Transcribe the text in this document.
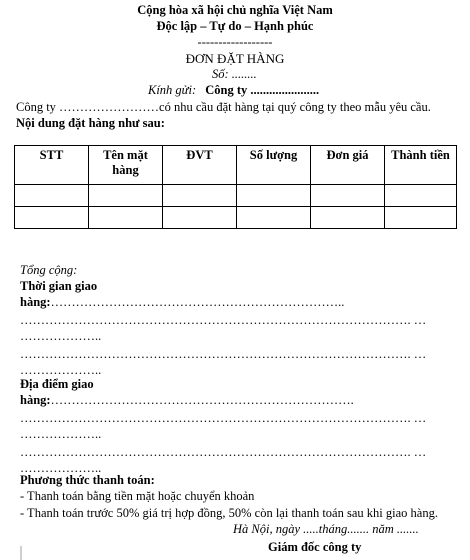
Cộng hòa xã hội chủ nghĩa Việt Nam
Độc lập – Tự do – Hạnh phúc
------------------
ĐƠN ĐẶT HÀNG
Số: ........
Kính gửi: Công ty ......................
Công ty ……………………có nhu cầu đặt hàng tại quý công ty theo mẫu yêu cầu.
Nội dung đặt hàng như sau:
STT	Tên mặt hàng	ĐVT	Số lượng	Đơn giá	Thành tiền

Tổng cộng:
Thời gian giao
hàng:……………………………………………………………..
…………………………………………………………………………………. …
………………..
…………………………………………………………………………………. …
………………..
Địa điểm giao
hàng:……………………………………………………………….
…………………………………………………………………………………. …
………………..
…………………………………………………………………………………. …
………………..
Phương thức thanh toán:
- Thanh toán bằng tiền mặt hoặc chuyển khoản
- Thanh toán trước 50% giá trị hợp đồng, 50% còn lại thanh toán sau khi giao hàng.
Hà Nội, ngày .....tháng....... năm .......
Giám đốc công ty
